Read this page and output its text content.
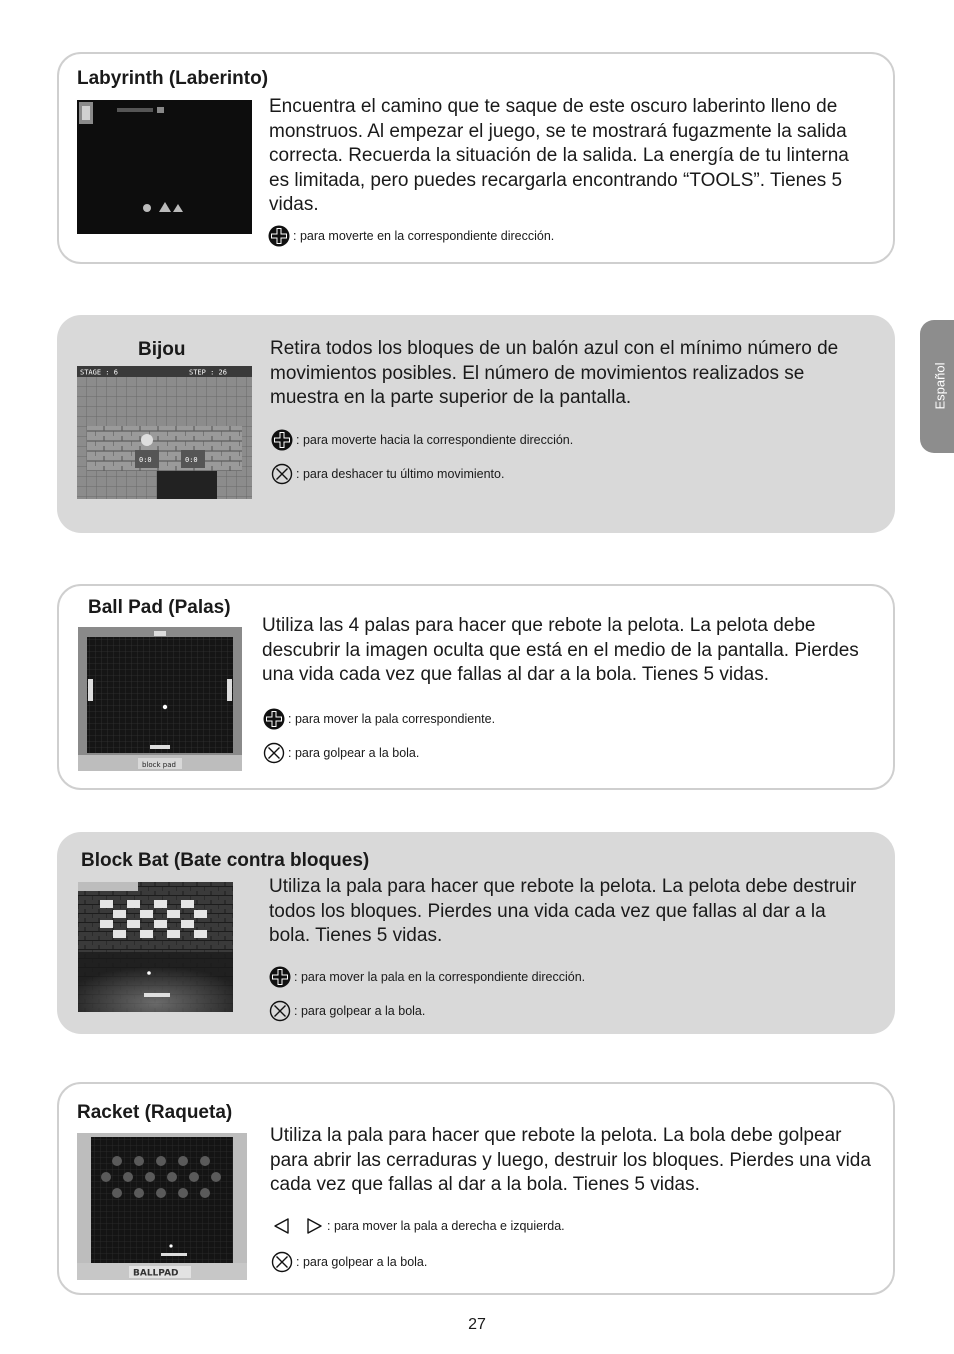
Labyrinth (Laberinto)

Encuentra el camino que te saque de este oscuro laberinto lleno de monstruos. Al empezar el juego, se te mostrará fugazmente la salida correcta. Recuerda la situación de la salida. La energía de tu linterna es limitada, pero puedes recargarla encontrando “TOOLS”. Tienes 5 vidas.

: para moverte en la correspondiente dirección.
Bijou
STAGE : 6	STEP : 26
0:0	0:0

Retira todos los bloques de un balón azul con el mínimo número de movimientos posibles. El número de movimientos realizados se muestra en la parte superior de la pantalla.

: para moverte hacia la correspondiente dirección.
: para deshacer tu último movimiento.
Ball Pad (Palas)
block pad

Utiliza las 4 palas para hacer que rebote la pelota. La pelota debe descubrir la imagen oculta que está en el medio de la pantalla. Pierdes una vida cada vez que fallas al dar a la bola. Tienes 5 vidas.

: para mover la pala correspondiente.
: para golpear a la bola.
Block Bat (Bate contra bloques)

Utiliza la pala para hacer que rebote la pelota. La pelota debe destruir todos los bloques. Pierdes una vida cada vez que fallas al dar a la bola. Tienes 5 vidas.

: para mover la pala en la correspondiente dirección.
: para golpear a la bola.
Racket (Raqueta)
BALLPAD

Utiliza la pala para hacer que rebote la pelota. La bola debe golpear para abrir las cerraduras y luego, destruir los bloques. Pierdes una vida cada vez que fallas al dar a la bola. Tienes 5 vidas.

: para mover la pala a derecha e izquierda.
: para golpear a la bola.
Español
27
